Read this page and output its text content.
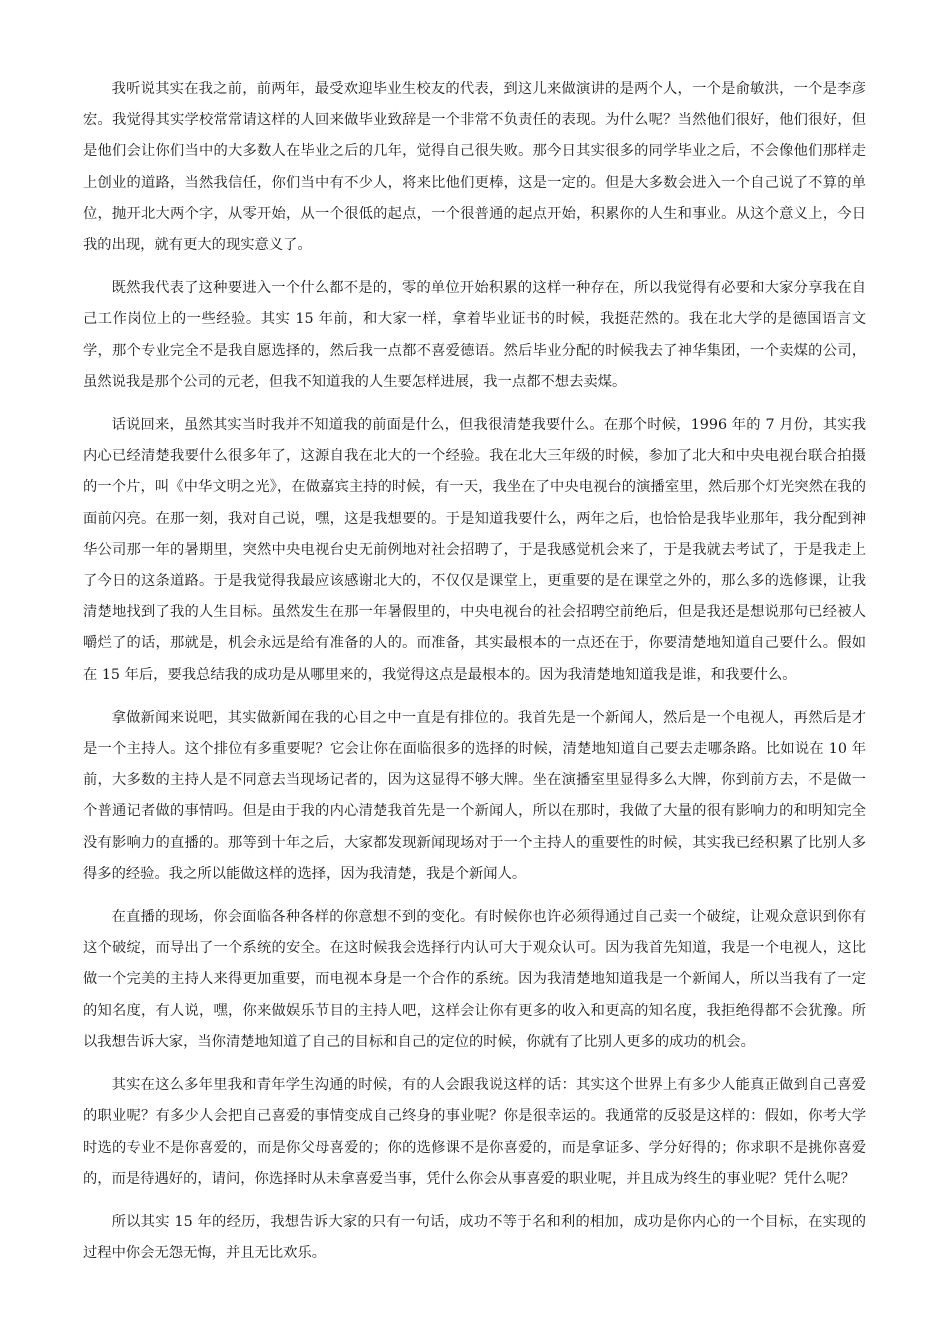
我听说其实在我之前，前两年，最受欢迎毕业生校友的代表，到这儿来做演讲的是两个人，一个是俞敏洪，一个是李彦宏。我觉得其实学校常常请这样的人回来做毕业致辞是一个非常不负责任的表现。为什么呢？当然他们很好，他们很好，但是他们会让你们当中的大多数人在毕业之后的几年，觉得自己很失败。那今日其实很多的同学毕业之后，不会像他们那样走上创业的道路，当然我信任，你们当中有不少人，将来比他们更棒，这是一定的。但是大多数会进入一个自己说了不算的单位，抛开北大两个字，从零开始，从一个很低的起点，一个很普通的起点开始，积累你的人生和事业。从这个意义上，今日我的出现，就有更大的现实意义了。

既然我代表了这种要进入一个什么都不是的，零的单位开始积累的这样一种存在，所以我觉得有必要和大家分享我在自己工作岗位上的一些经验。其实 15 年前，和大家一样，拿着毕业证书的时候，我挺茫然的。我在北大学的是德国语言文学，那个专业完全不是我自愿选择的，然后我一点都不喜爱德语。然后毕业分配的时候我去了神华集团，一个卖煤的公司，虽然说我是那个公司的元老，但我不知道我的人生要怎样进展，我一点都不想去卖煤。

话说回来，虽然其实当时我并不知道我的前面是什么，但我很清楚我要什么。在那个时候，1996 年的 7 月份，其实我内心已经清楚我要什么很多年了，这源自我在北大的一个经验。我在北大三年级的时候，参加了北大和中央电视台联合拍摄的一个片，叫《中华文明之光》，在做嘉宾主持的时候，有一天，我坐在了中央电视台的演播室里，然后那个灯光突然在我的面前闪亮。在那一刻，我对自己说，嘿，这是我想要的。于是知道我要什么，两年之后，也恰恰是我毕业那年，我分配到神华公司那一年的暑期里，突然中央电视台史无前例地对社会招聘了，于是我感觉机会来了，于是我就去考试了，于是我走上了今日的这条道路。于是我觉得我最应该感谢北大的，不仅仅是课堂上，更重要的是在课堂之外的，那么多的选修课，让我清楚地找到了我的人生目标。虽然发生在那一年暑假里的，中央电视台的社会招聘空前绝后，但是我还是想说那句已经被人嚼烂了的话，那就是，机会永远是给有准备的人的。而准备，其实最根本的一点还在于，你要清楚地知道自己要什么。假如在 15 年后，要我总结我的成功是从哪里来的，我觉得这点是最根本的。因为我清楚地知道我是谁，和我要什么。

拿做新闻来说吧，其实做新闻在我的心目之中一直是有排位的。我首先是一个新闻人，然后是一个电视人，再然后是才是一个主持人。这个排位有多重要呢？它会让你在面临很多的选择的时候，清楚地知道自己要去走哪条路。比如说在 10 年前，大多数的主持人是不同意去当现场记者的，因为这显得不够大牌。坐在演播室里显得多么大牌，你到前方去，不是做一个普通记者做的事情吗。但是由于我的内心清楚我首先是一个新闻人，所以在那时，我做了大量的很有影响力的和明知完全没有影响力的直播的。那等到十年之后，大家都发现新闻现场对于一个主持人的重要性的时候，其实我已经积累了比别人多得多的经验。我之所以能做这样的选择，因为我清楚，我是个新闻人。

在直播的现场，你会面临各种各样的你意想不到的变化。有时候你也许必须得通过自己卖一个破绽，让观众意识到你有这个破绽，而导出了一个系统的安全。在这时候我会选择行内认可大于观众认可。因为我首先知道，我是一个电视人，这比做一个完美的主持人来得更加重要，而电视本身是一个合作的系统。因为我清楚地知道我是一个新闻人，所以当我有了一定的知名度，有人说，嘿，你来做娱乐节目的主持人吧，这样会让你有更多的收入和更高的知名度，我拒绝得都不会犹豫。所以我想告诉大家，当你清楚地知道了自己的目标和自己的定位的时候，你就有了比别人更多的成功的机会。

其实在这么多年里我和青年学生沟通的时候，有的人会跟我说这样的话：其实这个世界上有多少人能真正做到自己喜爱的职业呢？有多少人会把自己喜爱的事情变成自己终身的事业呢？你是很幸运的。我通常的反驳是这样的：假如，你考大学时选的专业不是你喜爱的，而是你父母喜爱的；你的选修课不是你喜爱的，而是拿证多、学分好得的；你求职不是挑你喜爱的，而是待遇好的，请问，你选择时从未拿喜爱当事，凭什么你会从事喜爱的职业呢，并且成为终生的事业呢？凭什么呢？

所以其实 15 年的经历，我想告诉大家的只有一句话，成功不等于名和利的相加，成功是你内心的一个目标，在实现的过程中你会无怨无悔，并且无比欢乐。
